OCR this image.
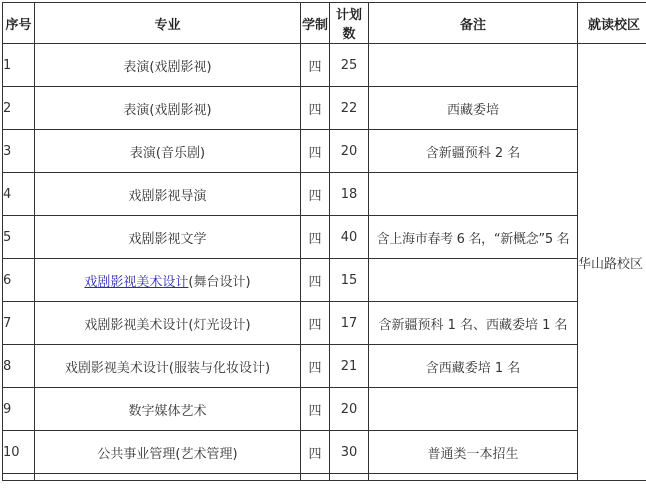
序号	专业	学制	计划数	备注	就读校区
1	表演(戏剧影视)	四	25		华山路校区
2	表演(戏剧影视)	四	22	西藏委培	
3	表演(音乐剧)	四	20	含新疆预科 2 名	
4	戏剧影视导演	四	18		
5	戏剧影视文学	四	40	含上海市春考 6 名，“新概念”5 名	
6	戏剧影视美术设计(舞台设计)	四	15		
7	戏剧影视美术设计(灯光设计)	四	17	含新疆预科 1 名、西藏委培 1 名	
8	戏剧影视美术设计(服装与化妆设计)	四	21	含西藏委培 1 名	
9	数字媒体艺术	四	20		
10	公共事业管理(艺术管理)	四	30	普通类一本招生	
